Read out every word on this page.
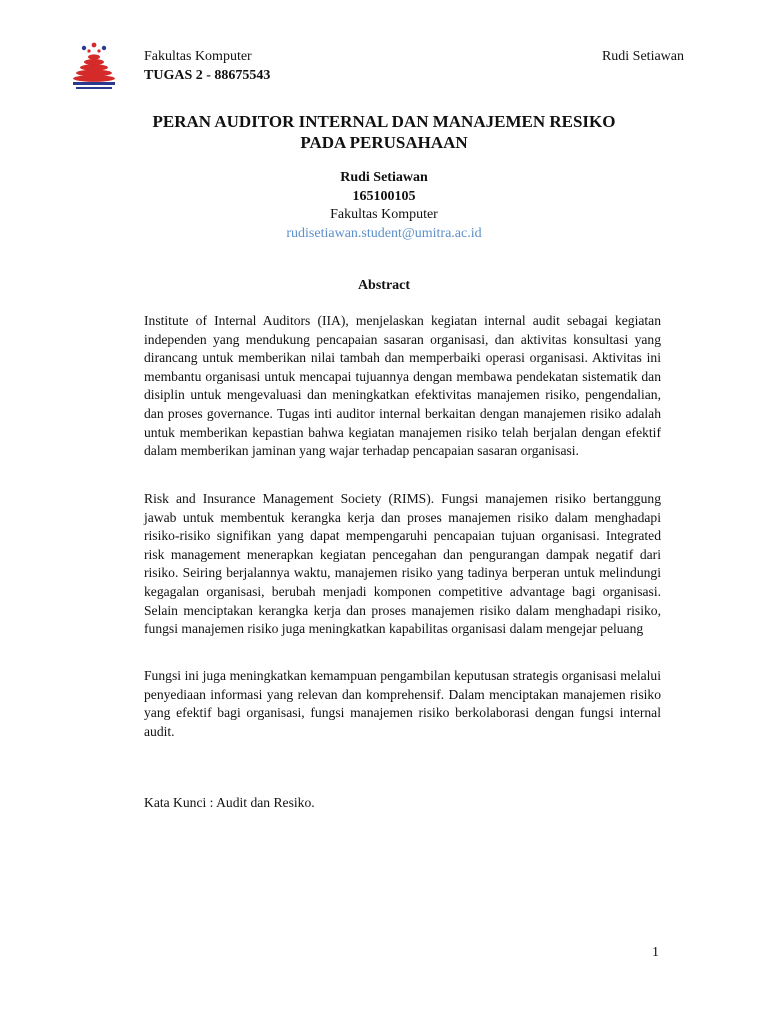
Fakultas Komputer
TUGAS 2 - 88675543
Rudi Setiawan
PERAN AUDITOR INTERNAL DAN MANAJEMEN RESIKO
PADA PERUSAHAAN
Rudi Setiawan
165100105
Fakultas Komputer
rudisetiawan.student@umitra.ac.id
Abstract

Institute of Internal Auditors (IIA), menjelaskan kegiatan internal audit sebagai kegiatan independen yang mendukung pencapaian sasaran organisasi, dan aktivitas konsultasi yang dirancang untuk memberikan nilai tambah dan memperbaiki operasi organisasi. Aktivitas ini membantu organisasi untuk mencapai tujuannya dengan membawa pendekatan sistematik dan disiplin untuk mengevaluasi dan meningkatkan efektivitas manajemen risiko, pengendalian, dan proses governance. Tugas inti auditor internal berkaitan dengan manajemen risiko adalah untuk memberikan kepastian bahwa kegiatan manajemen risiko telah berjalan dengan efektif dalam memberikan jaminan yang wajar terhadap pencapaian sasaran organisasi.

Risk and Insurance Management Society (RIMS). Fungsi manajemen risiko bertanggung jawab untuk membentuk kerangka kerja dan proses manajemen risiko dalam menghadapi risiko-risiko signifikan yang dapat mempengaruhi pencapaian tujuan organisasi. Integrated risk management menerapkan kegiatan pencegahan dan pengurangan dampak negatif dari risiko. Seiring berjalannya waktu, manajemen risiko yang tadinya berperan untuk melindungi kegagalan organisasi, berubah menjadi komponen competitive advantage bagi organisasi. Selain menciptakan kerangka kerja dan proses manajemen risiko dalam menghadapi risiko, fungsi manajemen risiko juga meningkatkan kapabilitas organisasi dalam mengejar peluang

Fungsi ini juga meningkatkan kemampuan pengambilan keputusan strategis organisasi melalui penyediaan informasi yang relevan dan komprehensif. Dalam menciptakan manajemen risiko yang efektif bagi organisasi, fungsi manajemen risiko berkolaborasi dengan fungsi internal audit.

Kata Kunci : Audit dan Resiko.

1
